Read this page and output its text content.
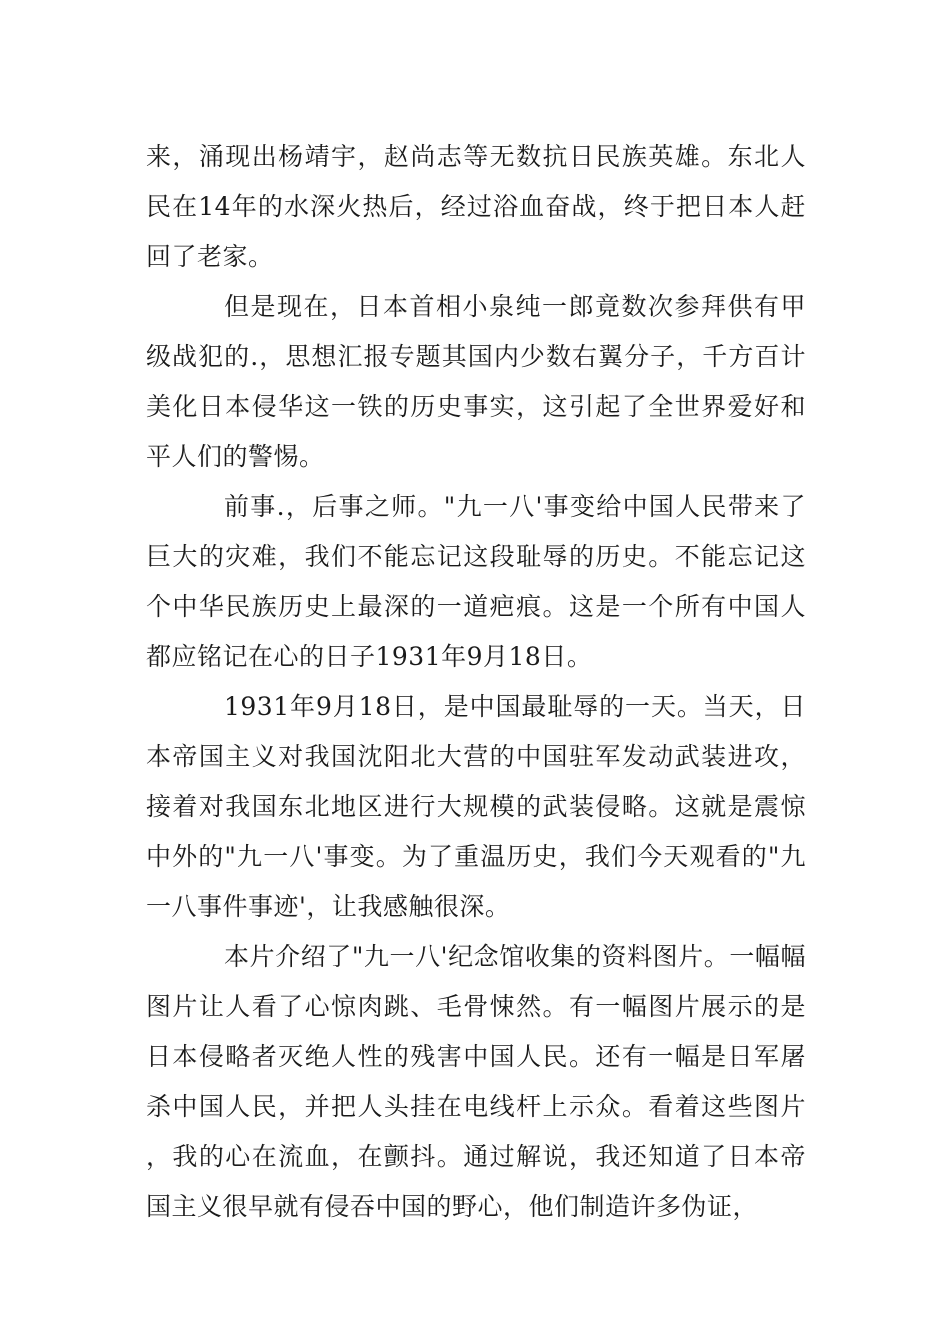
来，涌现出杨靖宇，赵尚志等无数抗日民族英雄。东北人民在14年的水深火热后，经过浴血奋战，终于把日本人赶回了老家。

但是现在，日本首相小泉纯一郎竟数次参拜供有甲级战犯的.，思想汇报专题其国内少数右翼分子，千方百计美化日本侵华这一铁的历史事实，这引起了全世界爱好和平人们的警惕。

前事.，后事之师。"九一八'事变给中国人民带来了巨大的灾难，我们不能忘记这段耻辱的历史。不能忘记这个中华民族历史上最深的一道疤痕。这是一个所有中国人都应铭记在心的日子1931年9月18日。

1931年9月18日，是中国最耻辱的一天。当天，日本帝国主义对我国沈阳北大营的中国驻军发动武装进攻，接着对我国东北地区进行大规模的武装侵略。这就是震惊中外的"九一八'事变。为了重温历史，我们今天观看的"九一八事件事迹'，让我感触很深。

本片介绍了"九一八'纪念馆收集的资料图片。一幅幅图片让人看了心惊肉跳、毛骨悚然。有一幅图片展示的是日本侵略者灭绝人性的残害中国人民。还有一幅是日军屠杀中国人民，并把人头挂在电线杆上示众。看着这些图片，我的心在流血，在颤抖。通过解说，我还知道了日本帝国主义很早就有侵吞中国的野心，他们制造许多伪证，
